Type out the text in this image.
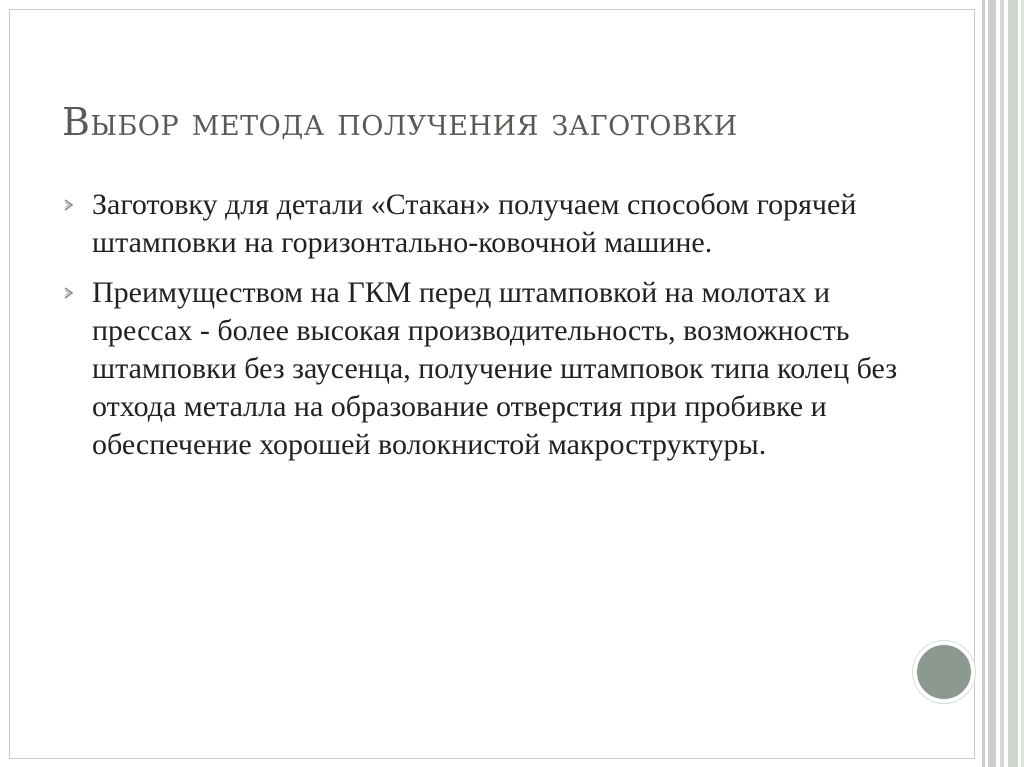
Выбор метода получения заготовки
Заготовку для детали «Стакан» получаем способом горячей штамповки на горизонтально-ковочной машине.
Преимуществом на ГКМ перед штамповкой на молотах и прессах - более высокая производительность, возможность штамповки без заусенца, получение штамповок типа колец без отхода металла на образование отверстия при пробивке и обеспечение хорошей волокнистой макроструктуры.
